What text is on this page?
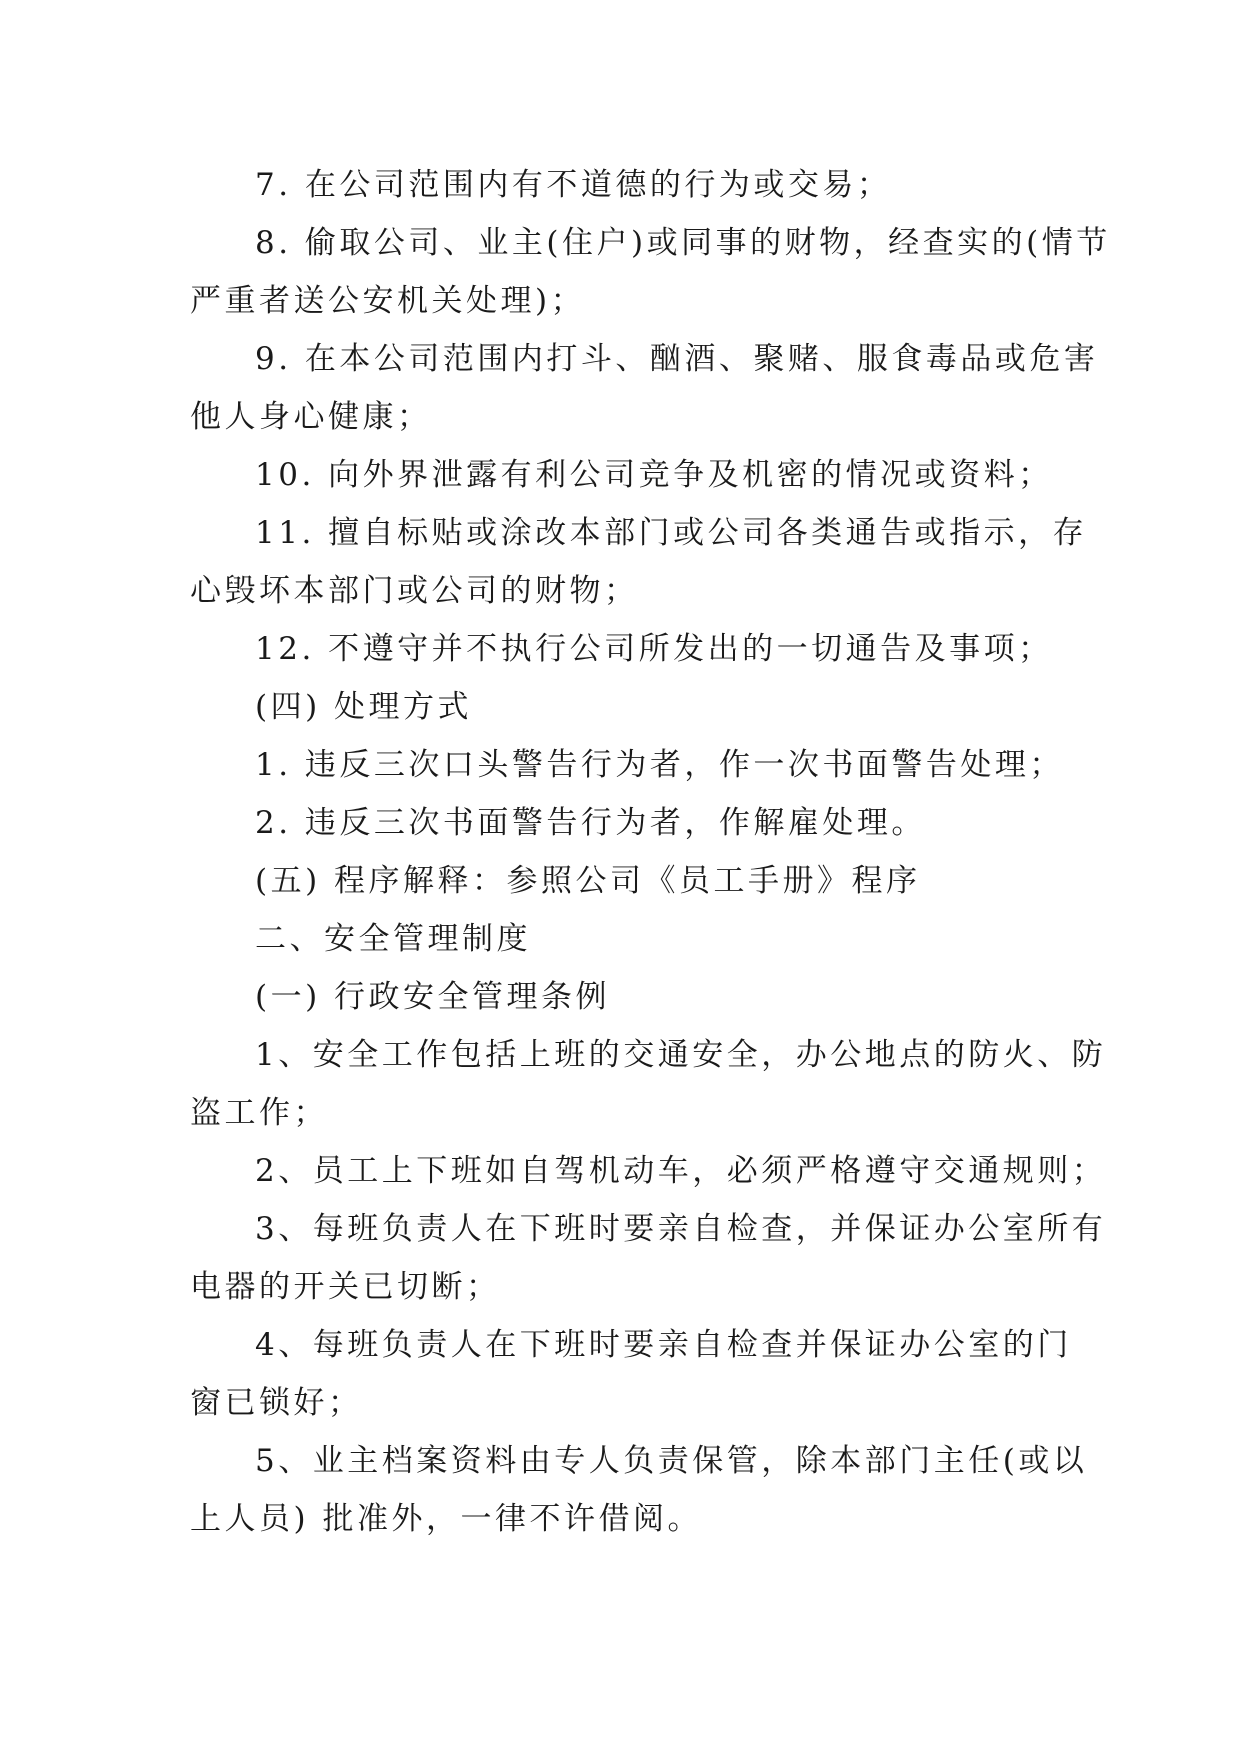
7. 在公司范围内有不道德的行为或交易；

8. 偷取公司、业主(住户)或同事的财物，经查实的(情节

严重者送公安机关处理)；

9. 在本公司范围内打斗、酗酒、聚赌、服食毒品或危害

他人身心健康；

10. 向外界泄露有利公司竞争及机密的情况或资料；

11. 擅自标贴或涂改本部门或公司各类通告或指示，存

心毁坏本部门或公司的财物；

12. 不遵守并不执行公司所发出的一切通告及事项；

(四) 处理方式

1. 违反三次口头警告行为者，作一次书面警告处理；

2. 违反三次书面警告行为者，作解雇处理。

(五) 程序解释：参照公司《员工手册》程序

二、安全管理制度

(一) 行政安全管理条例

1、安全工作包括上班的交通安全，办公地点的防火、防

盗工作；

2、员工上下班如自驾机动车，必须严格遵守交通规则；

3、每班负责人在下班时要亲自检查，并保证办公室所有

电器的开关已切断；

4、每班负责人在下班时要亲自检查并保证办公室的门

窗已锁好；

5、业主档案资料由专人负责保管，除本部门主任(或以

上人员) 批准外，一律不许借阅。
